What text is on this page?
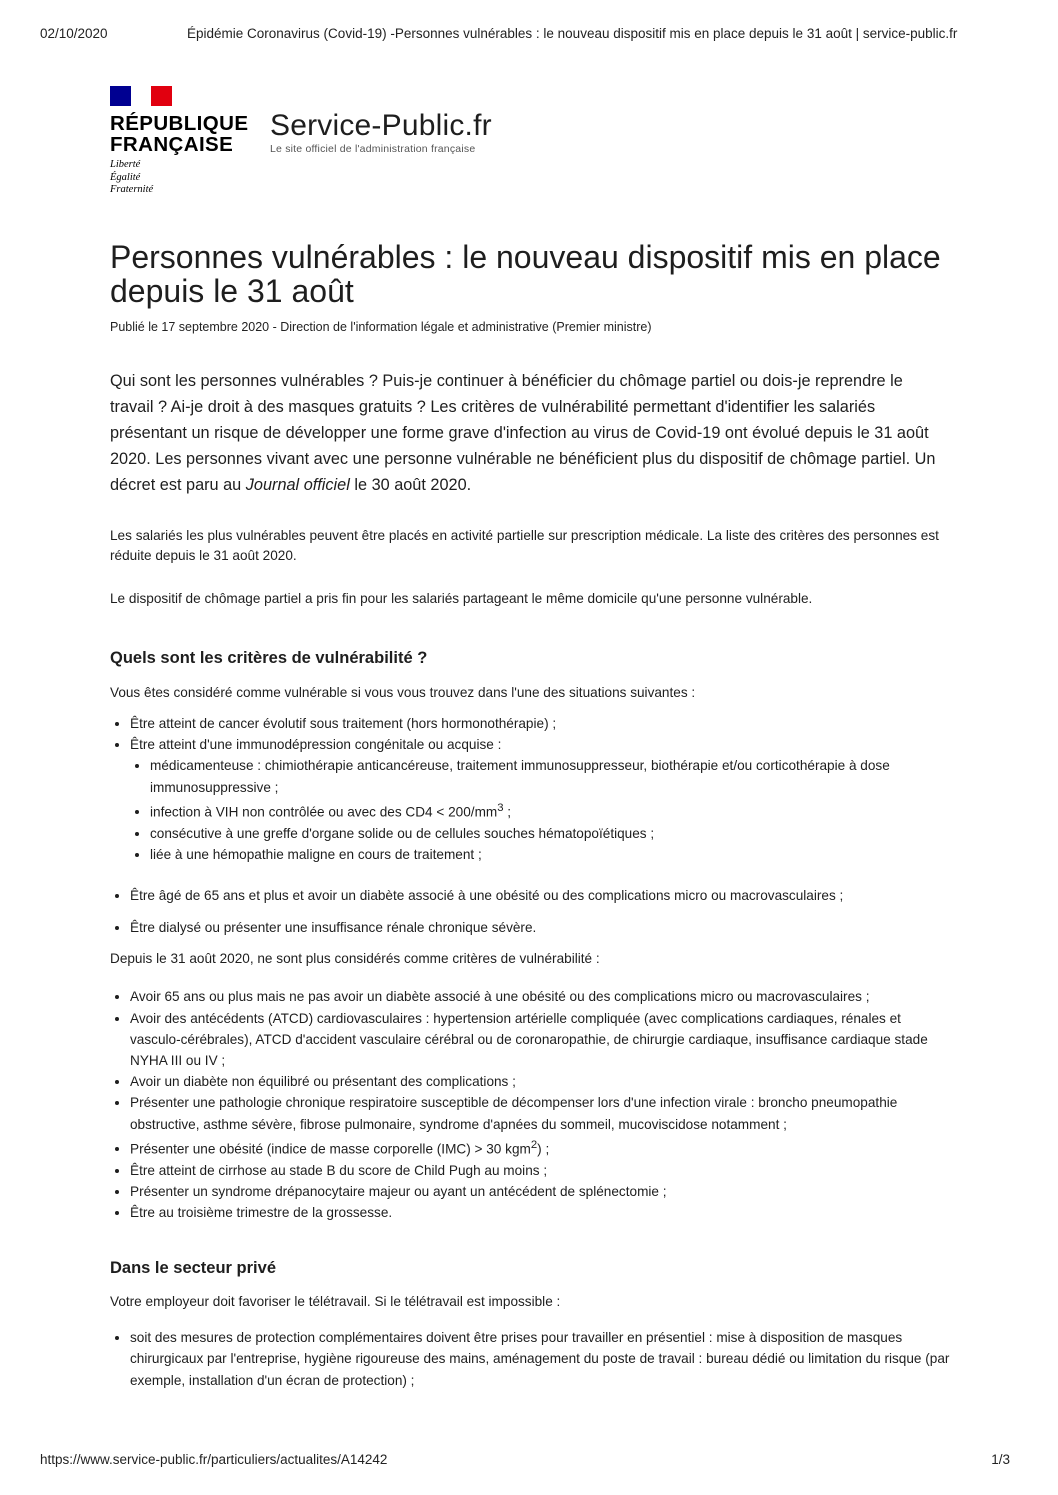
02/10/2020	Épidémie Coronavirus (Covid-19) -Personnes vulnérables : le nouveau dispositif mis en place depuis le 31 août | service-public.fr
RÉPUBLIQUE
FRANÇAISE
Liberté
Égalité
Fraternité
Service-Public.fr
Le site officiel de l'administration française
Personnes vulnérables : le nouveau dispositif mis en place depuis le 31 août
Publié le 17 septembre 2020 - Direction de l'information légale et administrative (Premier ministre)

Qui sont les personnes vulnérables ? Puis-je continuer à bénéficier du chômage partiel ou dois-je reprendre le travail ? Ai-je droit à des masques gratuits ? Les critères de vulnérabilité permettant d'identifier les salariés présentant un risque de développer une forme grave d'infection au virus de Covid-19 ont évolué depuis le 31 août 2020. Les personnes vivant avec une personne vulnérable ne bénéficient plus du dispositif de chômage partiel. Un décret est paru au Journal officiel le 30 août 2020.

Les salariés les plus vulnérables peuvent être placés en activité partielle sur prescription médicale. La liste des critères des personnes est réduite depuis le 31 août 2020.

Le dispositif de chômage partiel a pris fin pour les salariés partageant le même domicile qu'une personne vulnérable.

Quels sont les critères de vulnérabilité ?

Vous êtes considéré comme vulnérable si vous vous trouvez dans l'une des situations suivantes :

• Être atteint de cancer évolutif sous traitement (hors hormonothérapie) ;
• Être atteint d'une immunodépression congénitale ou acquise :
• médicamenteuse : chimiothérapie anticancéreuse, traitement immunosuppresseur, biothérapie et/ou corticothérapie à dose immunosuppressive ;
• infection à VIH non contrôlée ou avec des $CD4 < 200/mm^3$ ;
• consécutive à une greffe d'organe solide ou de cellules souches hématopoïétiques ;
• liée à une hémopathie maligne en cours de traitement ;
• Être âgé de 65 ans et plus et avoir un diabète associé à une obésité ou des complications micro ou macrovasculaires ;
• Être dialysé ou présenter une insuffisance rénale chronique sévère.

Depuis le 31 août 2020, ne sont plus considérés comme critères de vulnérabilité :

• Avoir 65 ans ou plus mais ne pas avoir un diabète associé à une obésité ou des complications micro ou macrovasculaires ;
• Avoir des antécédents (ATCD) cardiovasculaires : hypertension artérielle compliquée (avec complications cardiaques, rénales et vasculo-cérébrales), ATCD d'accident vasculaire cérébral ou de coronaropathie, de chirurgie cardiaque, insuffisance cardiaque stade NYHA III ou IV ;
• Avoir un diabète non équilibré ou présentant des complications ;
• Présenter une pathologie chronique respiratoire susceptible de décompenser lors d'une infection virale : broncho pneumopathie obstructive, asthme sévère, fibrose pulmonaire, syndrome d'apnées du sommeil, mucoviscidose notamment ;
• Présenter une obésité (indice de masse corporelle (IMC) > 30 kgm$^2$) ;
• Être atteint de cirrhose au stade B du score de Child Pugh au moins ;
• Présenter un syndrome drépanocytaire majeur ou ayant un antécédent de splénectomie ;
• Être au troisième trimestre de la grossesse.
Dans le secteur privé

Votre employeur doit favoriser le télétravail. Si le télétravail est impossible :

• soit des mesures de protection complémentaires doivent être prises pour travailler en présentiel : mise à disposition de masques chirurgicaux par l'entreprise, hygiène rigoureuse des mains, aménagement du poste de travail : bureau dédié ou limitation du risque (par exemple, installation d'un écran de protection) ;
https://www.service-public.fr/particuliers/actualites/A14242	1/3
